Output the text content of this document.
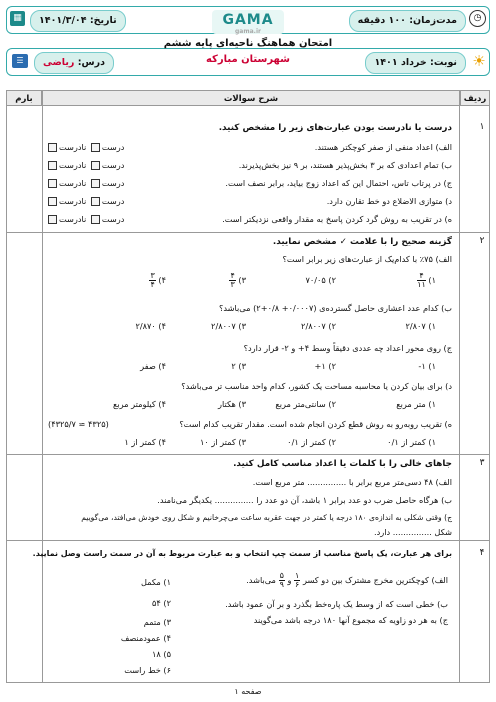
◷
مدت‌زمان: ۱۰۰ دقیقه
تاریخ: ۱۴۰۱/۳/۰۴
▦	GAMA
gama.ir
امتحان هماهنگ ناحیه‌ای پایه ششم
شهرستان مبارکه	☀
نوبت: خرداد ۱۴۰۱
درس: ریاضی
☰
ردیف
شرح سوالات
بارم
۱
درست یا نادرست بودن عبارت‌های زیر را مشخص کنید.
الف) اعداد منفی از صفر کوچکتر هستند.
ب) تمام اعدادی که بر ۳ بخش‌پذیر هستند، بر ۹ نیز بخش‌پذیرند.
ج) در پرتاب تاس، احتمال این که اعداد زوج بیاید، برابر نصف است.
د) متوازی الاضلاع دو خط تقارن دارد.
ه) در تقریب به روش گرد کردن پاسخ به مقدار واقعی نزدیکتر است.
درست نادرست
درست نادرست
درست نادرست
درست نادرست
درست نادرست
۲
گزینه صحیح را با علامت ✓ مشخص نمایید.
الف) ۷۵٪ با کدام‌یک از عبارت‌های زیر برابر است؟
۱)
$\frac{۴}{۱۱}$
۲) ۷۰/۰۵
۳)
$\frac{۴}{۳}$
۴)
$\frac{۳}{۴}$
ب) کدام عدد اعشاری حاصل گسترده‌ی (۰/۰۰۰۷+ ۰/۸+۲) می‌باشد؟
۱) ۲/۸۰۷
۲) ۲/۸۰۰۷
۳) ۲/۸۰۰۷
۴) ۲/۸۷۰
ج) روی محور اعداد چه عددی دقیقاً وسط ۴+ و ۲- قرار دارد؟
۱) ۱-
۲) ۱+
۳) ۲
۴) صفر
د) برای بیان کردن یا محاسبه مساحت یک کشور، کدام واحد مناسب تر می‌باشد؟
۱) متر مربع
۲) سانتی‌متر مربع
۳) هکتار
۴) کیلومتر مربع
ه) تقریب رو‌به‌رو به روش قطع کردن انجام شده است. مقدار تقریب کدام است؟
(۴۳۲۵ ≃ ۴۳۲۵/۷)
۱) کمتر از ۰/۱
۲) کمتر از ۰/۱
۳) کمتر از ۱۰
۴) کمتر از ۱
۳
جاهای خالی را با کلمات یا اعداد مناسب کامل کنید.
الف) ۴۸ دسی‌متر مربع برابر با ............... متر مربع است.
ب) هرگاه حاصل ضرب دو عدد برابر ۱ باشد، آن دو عدد را ............... یکدیگر می‌نامند.
ج) وقتی شکلی به اندازه‌ی ۱۸۰ درجه یا کمتر در جهت عقربه ساعت می‌چرخانیم و شکل روی خودش می‌افتد، می‌گوییم
شکل ............... دارد.
۴
برای هر عبارت، یک پاسخ مناسب از سمت چپ انتخاب و به عبارت مربوط به آن در سمت راست وصل نمایید.
الف) کوچکترین مخرج مشترک بین دو کسر
$\frac{۱}{۶}$
و
$\frac{۵}{۹}$
می‌باشد.
ب) خطی است که از وسط یک پاره‌خط بگذرد و بر آن عمود باشد.
ج) به هر دو زاویه که مجموع آنها ۱۸۰ درجه باشد می‌گویند
۱) مکمل
۲) ۵۴
۳) متمم
۴) عمودمنصف
۵) ۱۸
۶) خط راست
صفحه ۱
